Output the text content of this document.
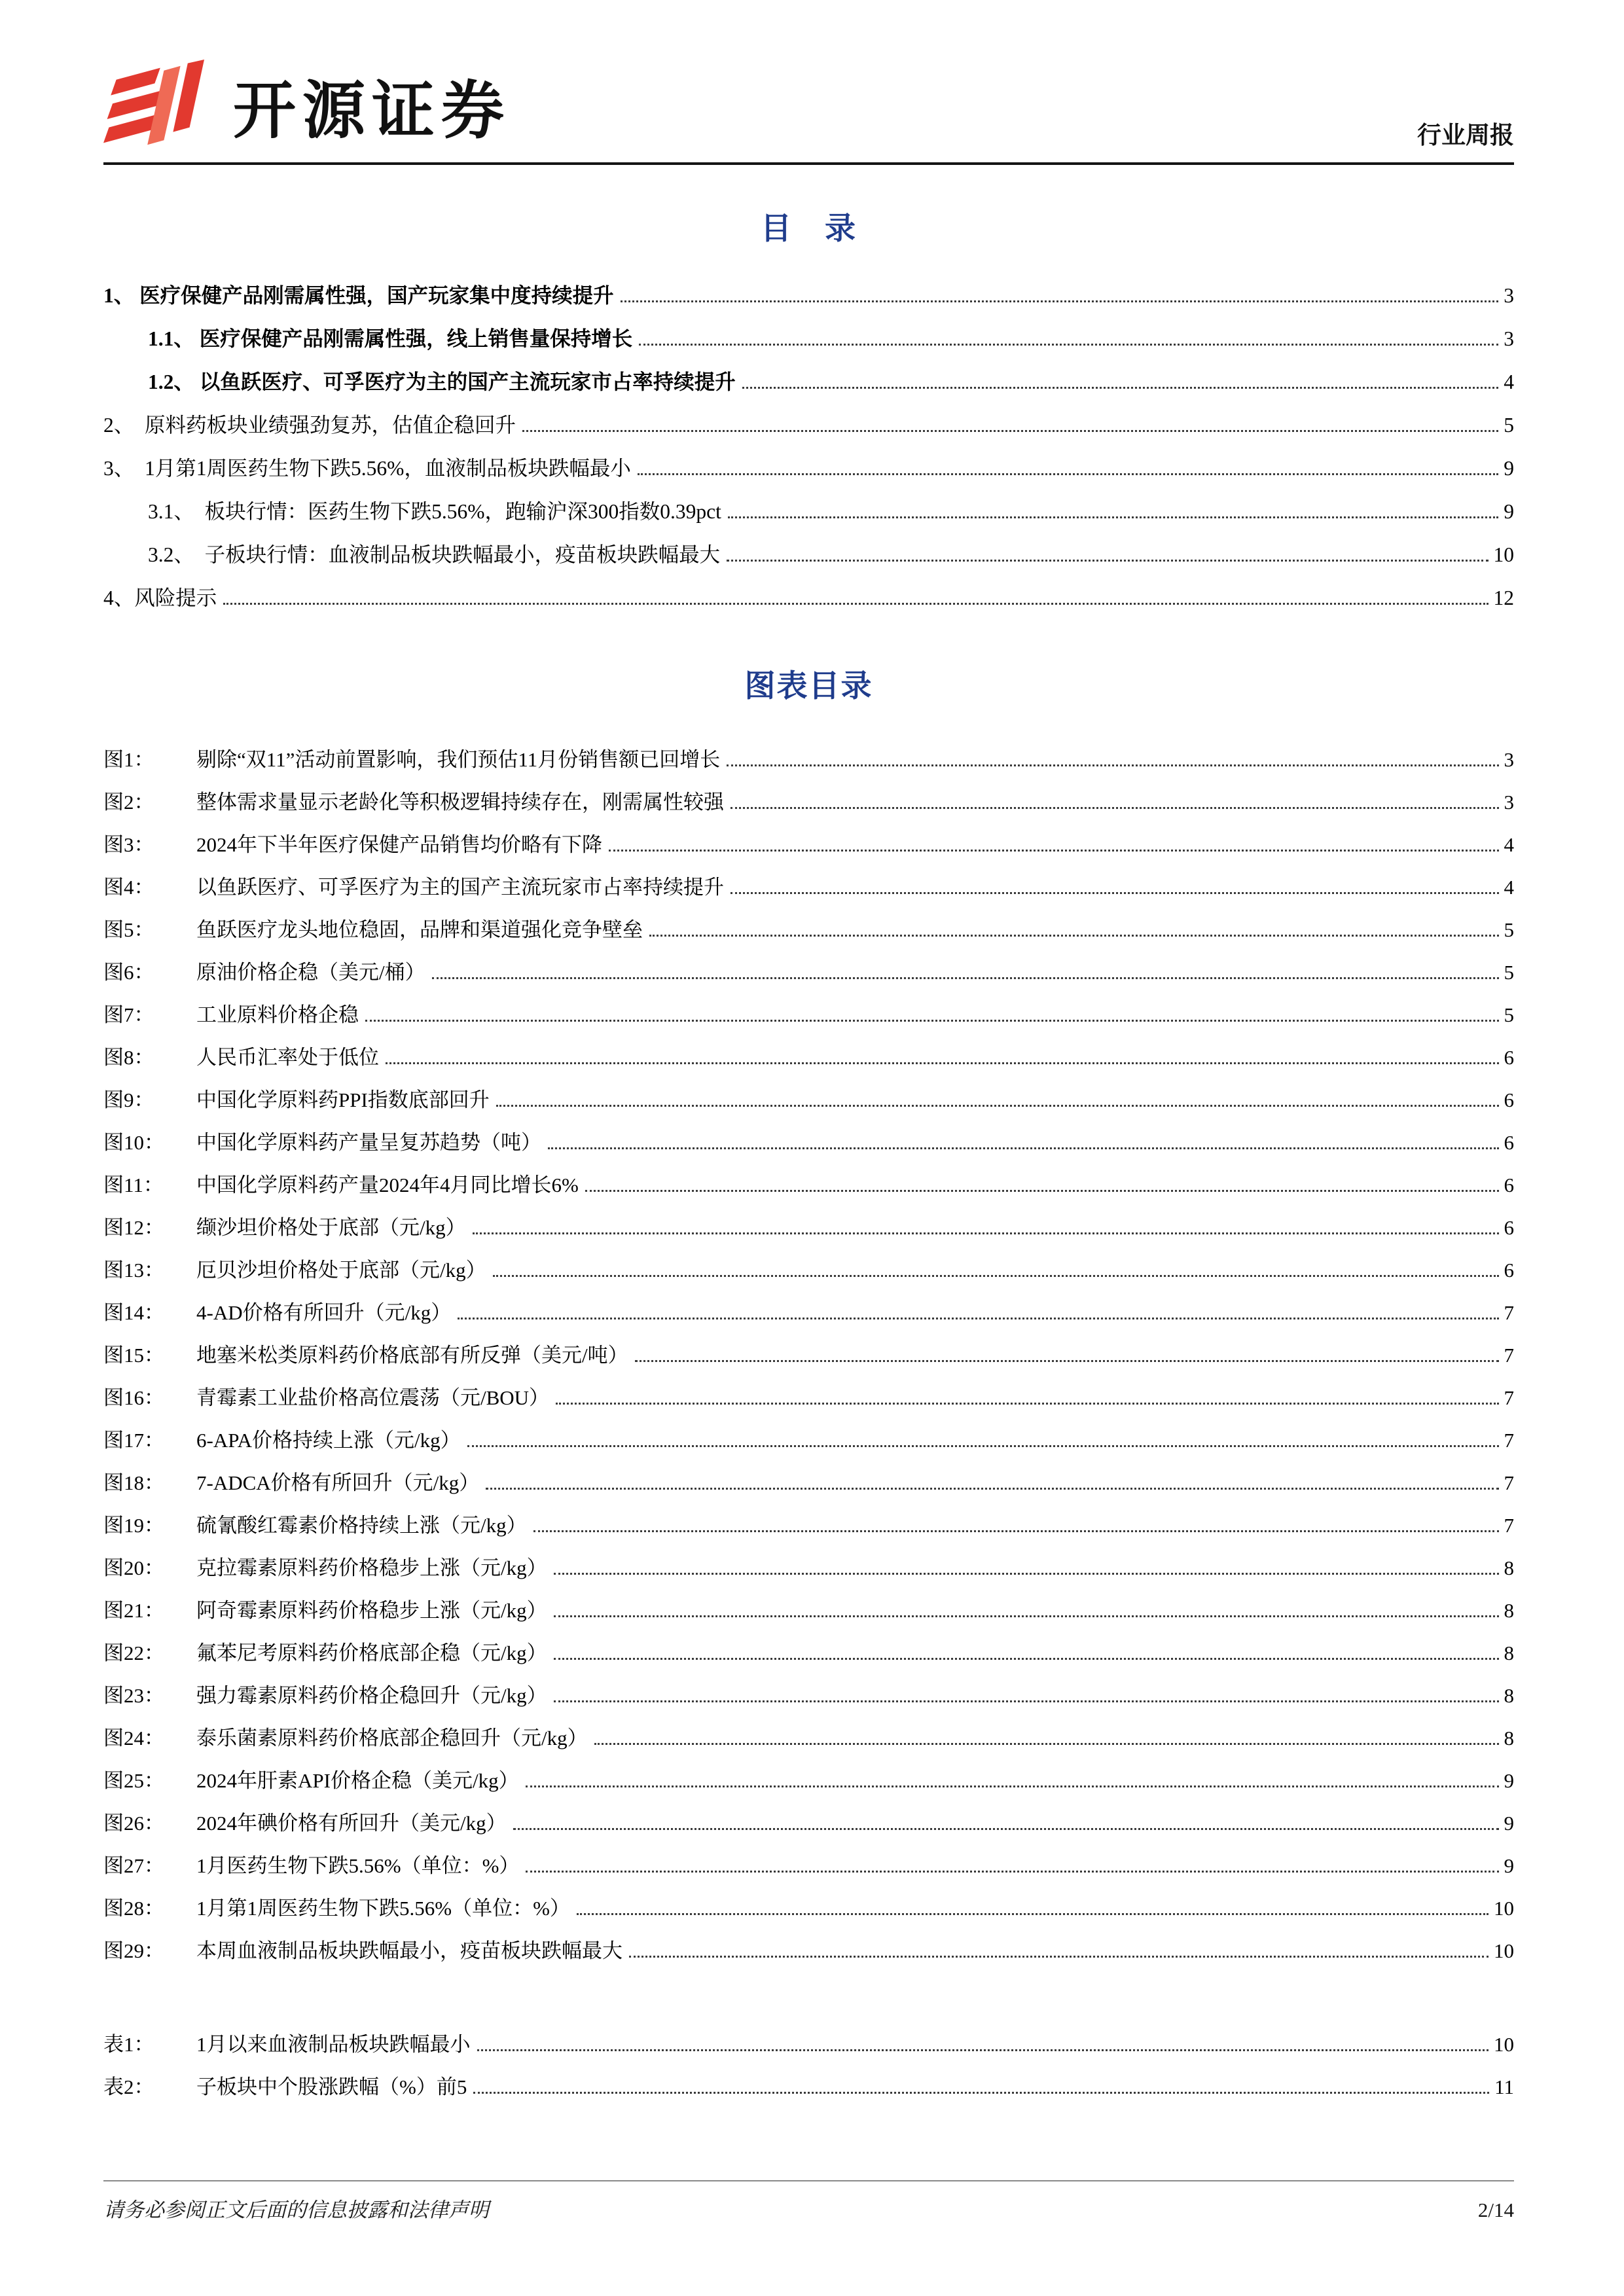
开源证券	行业周报
目　录
1、 医疗保健产品刚需属性强，国产玩家集中度持续提升	3
1.1、 医疗保健产品刚需属性强，线上销售量保持增长	3
1.2、 以鱼跃医疗、可孚医疗为主的国产主流玩家市占率持续提升	4
2、  原料药板块业绩强劲复苏，估值企稳回升	5
3、  1月第1周医药生物下跌5.56%，血液制品板块跌幅最小	9
3.1、  板块行情：医药生物下跌5.56%，跑输沪深300指数0.39pct	9
3.2、  子板块行情：血液制品板块跌幅最小，疫苗板块跌幅最大	10
4、风险提示	12
图表目录
图1：	剔除“双11”活动前置影响，我们预估11月份销售额已回增长	3
图2：	整体需求量显示老龄化等积极逻辑持续存在，刚需属性较强	3
图3：	2024年下半年医疗保健产品销售均价略有下降	4
图4：	以鱼跃医疗、可孚医疗为主的国产主流玩家市占率持续提升	4
图5：	鱼跃医疗龙头地位稳固，品牌和渠道强化竞争壁垒	5
图6：	原油价格企稳（美元/桶）	5
图7：	工业原料价格企稳	5
图8：	人民币汇率处于低位	6
图9：	中国化学原料药PPI指数底部回升	6
图10：	中国化学原料药产量呈复苏趋势（吨）	6
图11：	中国化学原料药产量2024年4月同比增长6%	6
图12：	缬沙坦价格处于底部（元/kg）	6
图13：	厄贝沙坦价格处于底部（元/kg）	6
图14：	4-AD价格有所回升（元/kg）	7
图15：	地塞米松类原料药价格底部有所反弹（美元/吨）	7
图16：	青霉素工业盐价格高位震荡（元/BOU）	7
图17：	6-APA价格持续上涨（元/kg）	7
图18：	7-ADCA价格有所回升（元/kg）	7
图19：	硫氰酸红霉素价格持续上涨（元/kg）	7
图20：	克拉霉素原料药价格稳步上涨（元/kg）	8
图21：	阿奇霉素原料药价格稳步上涨（元/kg）	8
图22：	氟苯尼考原料药价格底部企稳（元/kg）	8
图23：	强力霉素原料药价格企稳回升（元/kg）	8
图24：	泰乐菌素原料药价格底部企稳回升（元/kg）	8
图25：	2024年肝素API价格企稳（美元/kg）	9
图26：	2024年碘价格有所回升（美元/kg）	9
图27：	1月医药生物下跌5.56%（单位：%）	9
图28：	1月第1周医药生物下跌5.56%（单位：%）	10
图29：	本周血液制品板块跌幅最小，疫苗板块跌幅最大	10
表1：	1月以来血液制品板块跌幅最小	10
表2：	子板块中个股涨跌幅（%）前5	11
请务必参阅正文后面的信息披露和法律声明	2/14
